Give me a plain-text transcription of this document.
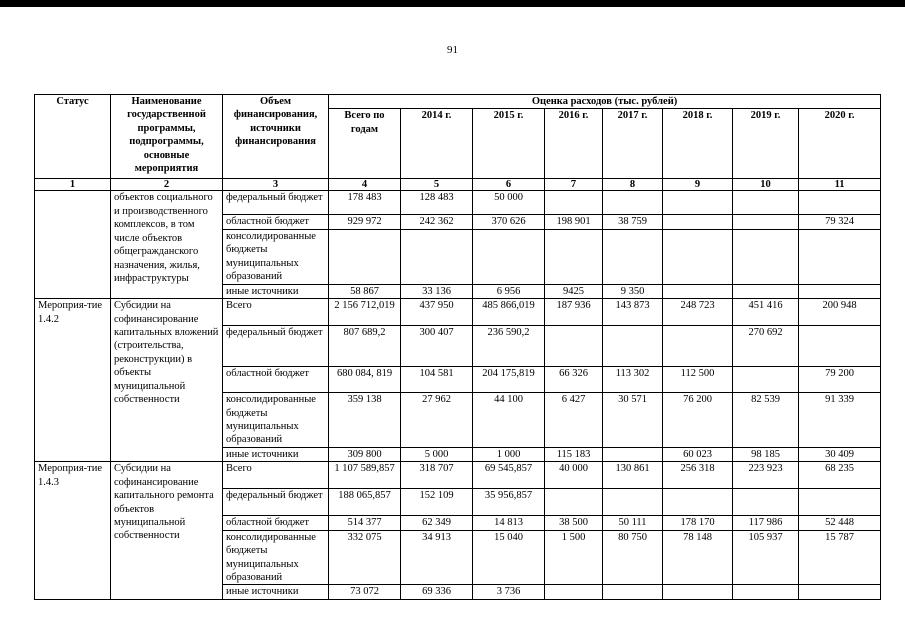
91
Статус	Наименование государственной программы, подпрограммы, основные мероприятия	Объем финансирования, источники финансирования	Оценка расходов (тыс. рублей)							
			Всего по годам	2014 г.	2015 г.	2016 г.	2017 г.	2018 г.	2019 г.	2020 г.
1	2	3	4	5	6	7	8	9	10	11
	объектов социального и производственного комплексов, в том числе объектов общегражданского назначения, жилья, инфраструктуры	федеральный бюджет	178 483	128 483	50 000					
		областной бюджет	929 972	242 362	370 626	198 901	38 759			79 324
		консолидированные бюджеты муниципальных образований								
		иные источники	58 867	33 136	6 956	9425	9 350			
Мероприя-тие 1.4.2	Субсидии на софинансирование капитальных вложений (строительства, реконструкции) в объекты муниципальной собственности	Всего	2 156 712,019	437 950	485 866,019	187 936	143 873	248 723	451 416	200 948
		федеральный бюджет	807 689,2	300 407	236 590,2				270 692	
		областной бюджет	680 084, 819	104 581	204 175,819	66 326	113 302	112 500		79 200
		консолидированные бюджеты муниципальных образований	359 138	27 962	44 100	6 427	30 571	76 200	82 539	91 339
		иные источники	309 800	5 000	1 000	115 183		60 023	98 185	30 409
Мероприя-тие 1.4.3	Субсидии на софинансирование капитального ремонта объектов муниципальной собственности	Всего	1 107 589,857	318 707	69 545,857	40 000	130 861	256 318	223 923	68 235
		федеральный бюджет	188 065,857	152 109	35 956,857					
		областной бюджет	514 377	62 349	14 813	38 500	50 111	178 170	117 986	52 448
		консолидированные бюджеты муниципальных образований	332 075	34 913	15 040	1 500	80 750	78 148	105 937	15 787
		иные источники	73 072	69 336	3 736					
